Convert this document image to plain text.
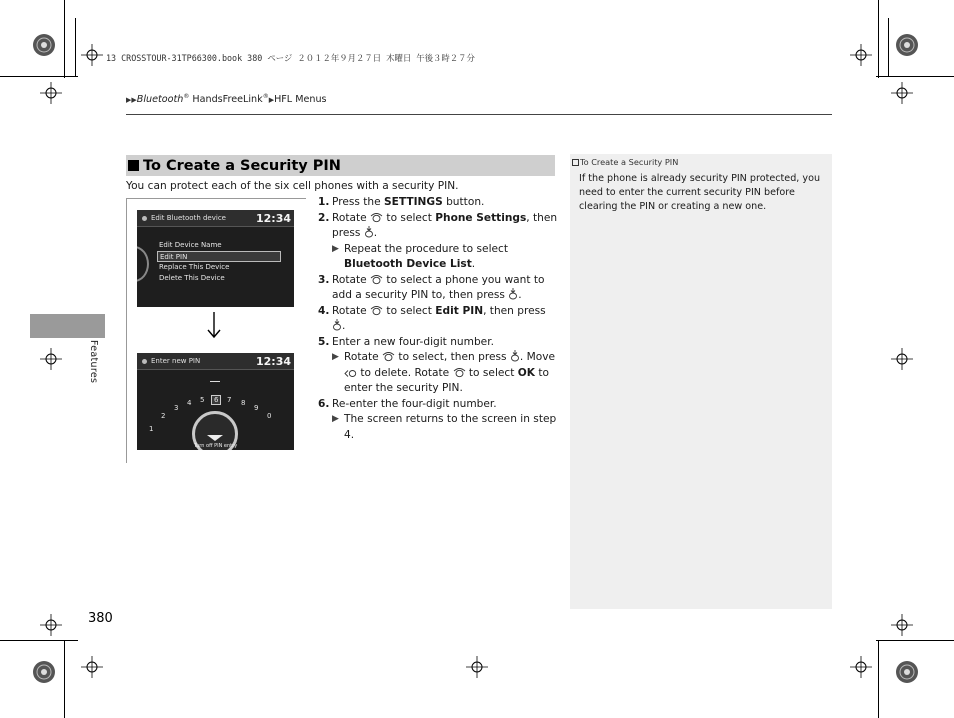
13 CROSSTOUR-31TP66300.book 380 ページ ２０１２年９月２７日 木曜日 午後３時２７分
▶▶Bluetooth® HandsFreeLink®▶HFL Menus
Features
To Create a Security PIN
You can protect each of the six cell phones with a security PIN.
Edit Bluetooth device	12:34
Edit Device Name
Edit PIN
Replace This Device
Delete This Device
Enter new PIN	12:34
1
2
3
4 5	6	7 8
9
0
Turn off PIN entry
1. Press the SETTINGS button.
2. Rotate  to select Phone Settings, then press .
▶ Repeat the procedure to select Bluetooth Device List.
3. Rotate  to select a phone you want to add a security PIN to, then press .
4. Rotate  to select Edit PIN, then press .
5. Enter a new four-digit number.
▶ Rotate  to select, then press . Move  to delete. Rotate  to select OK to enter the security PIN.
6. Re-enter the four-digit number.
▶ The screen returns to the screen in step 4.
To Create a Security PIN
If the phone is already security PIN protected, you need to enter the current security PIN before clearing the PIN or creating a new one.
380
